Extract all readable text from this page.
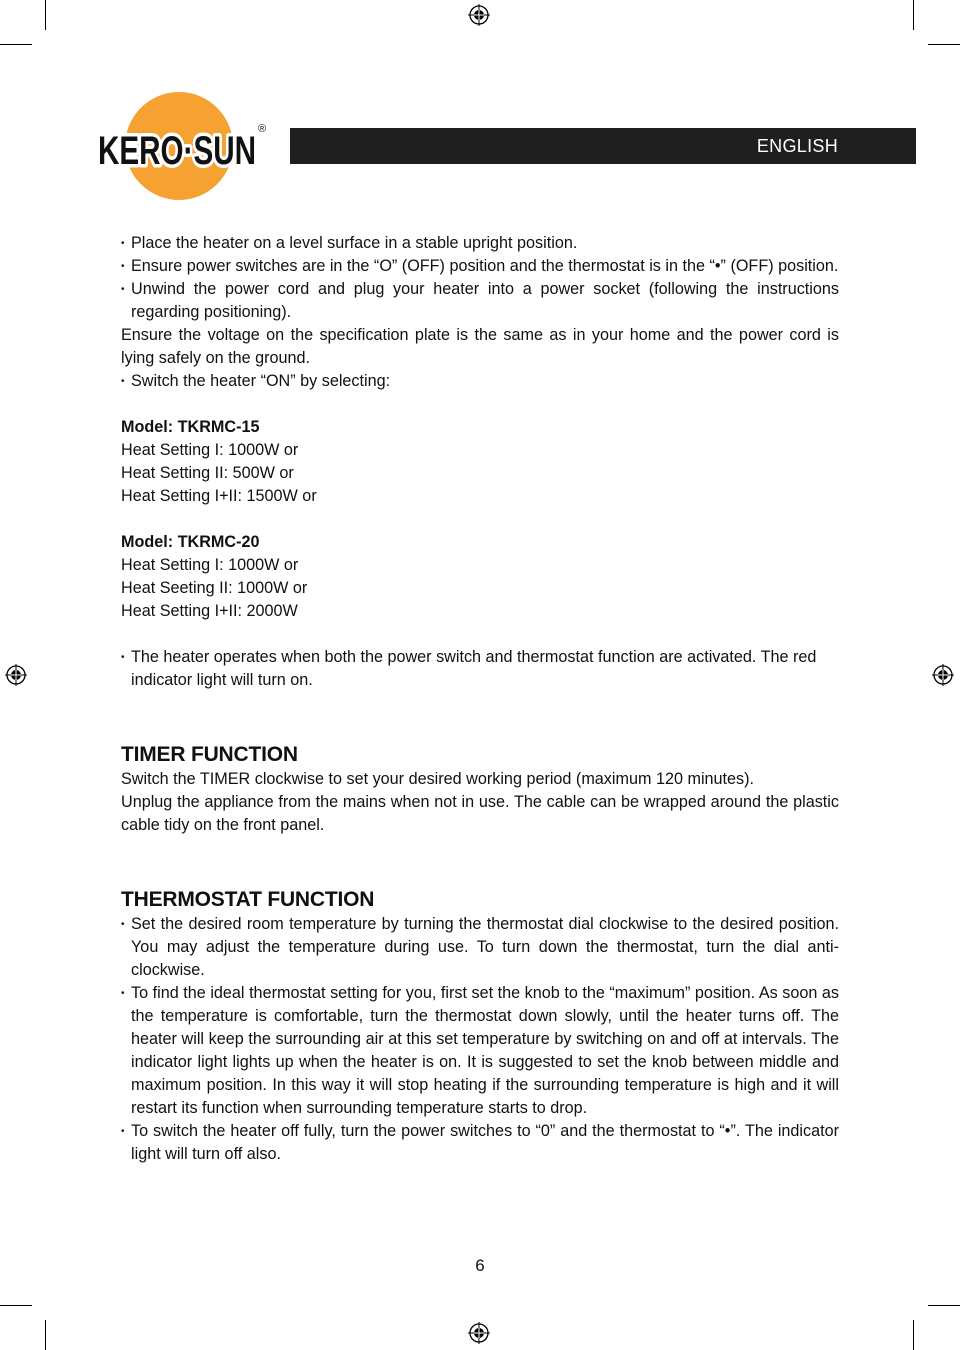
KERO·SUN
KERO·SUN ®
ENGLISH

• Place the heater on a level surface in a stable upright position.

• Ensure power switches are in the “O” (OFF) position and the thermostat is in the “•” (OFF) position.

• Unwind the power cord and plug your heater into a power socket (following the instructions regarding positioning).

Ensure the voltage on the specification plate is the same as in your home and the power cord is lying safely on the ground.

• Switch the heater “ON” by selecting:

Model: TKRMC-15

Heat Setting I: 1000W or

Heat Setting II: 500W or

Heat Setting I+II: 1500W or

Model: TKRMC-20

Heat Setting I: 1000W or

Heat Seeting II: 1000W or

Heat Setting I+II: 2000W

• The heater operates when both the power switch and thermostat function are activated. The red indicator light will turn on.

TIMER FUNCTION

Switch the TIMER clockwise to set your desired working period (maximum 120 minutes).

Unplug the appliance from the mains when not in use. The cable can be wrapped around the plastic cable tidy on the front panel.

THERMOSTAT FUNCTION

• Set the desired room temperature by turning the thermostat dial clockwise to the desired position. You may adjust the temperature during use. To turn down the thermostat, turn the dial anti-clockwise.

• To find the ideal thermostat setting for you, first set the knob to the “maximum” position. As soon as the temperature is comfortable, turn the thermostat down slowly, until the heater turns off. The heater will keep the surrounding air at this set temperature by switching on and off at intervals. The indicator light lights up when the heater is on. It is suggested to set the knob between middle and maximum position. In this way it will stop heating if the surrounding temperature is high and it will restart its function when surrounding temperature starts to drop.

• To switch the heater off fully, turn the power switches to “0” and the thermostat to “•”. The indicator light will turn off also.

6
